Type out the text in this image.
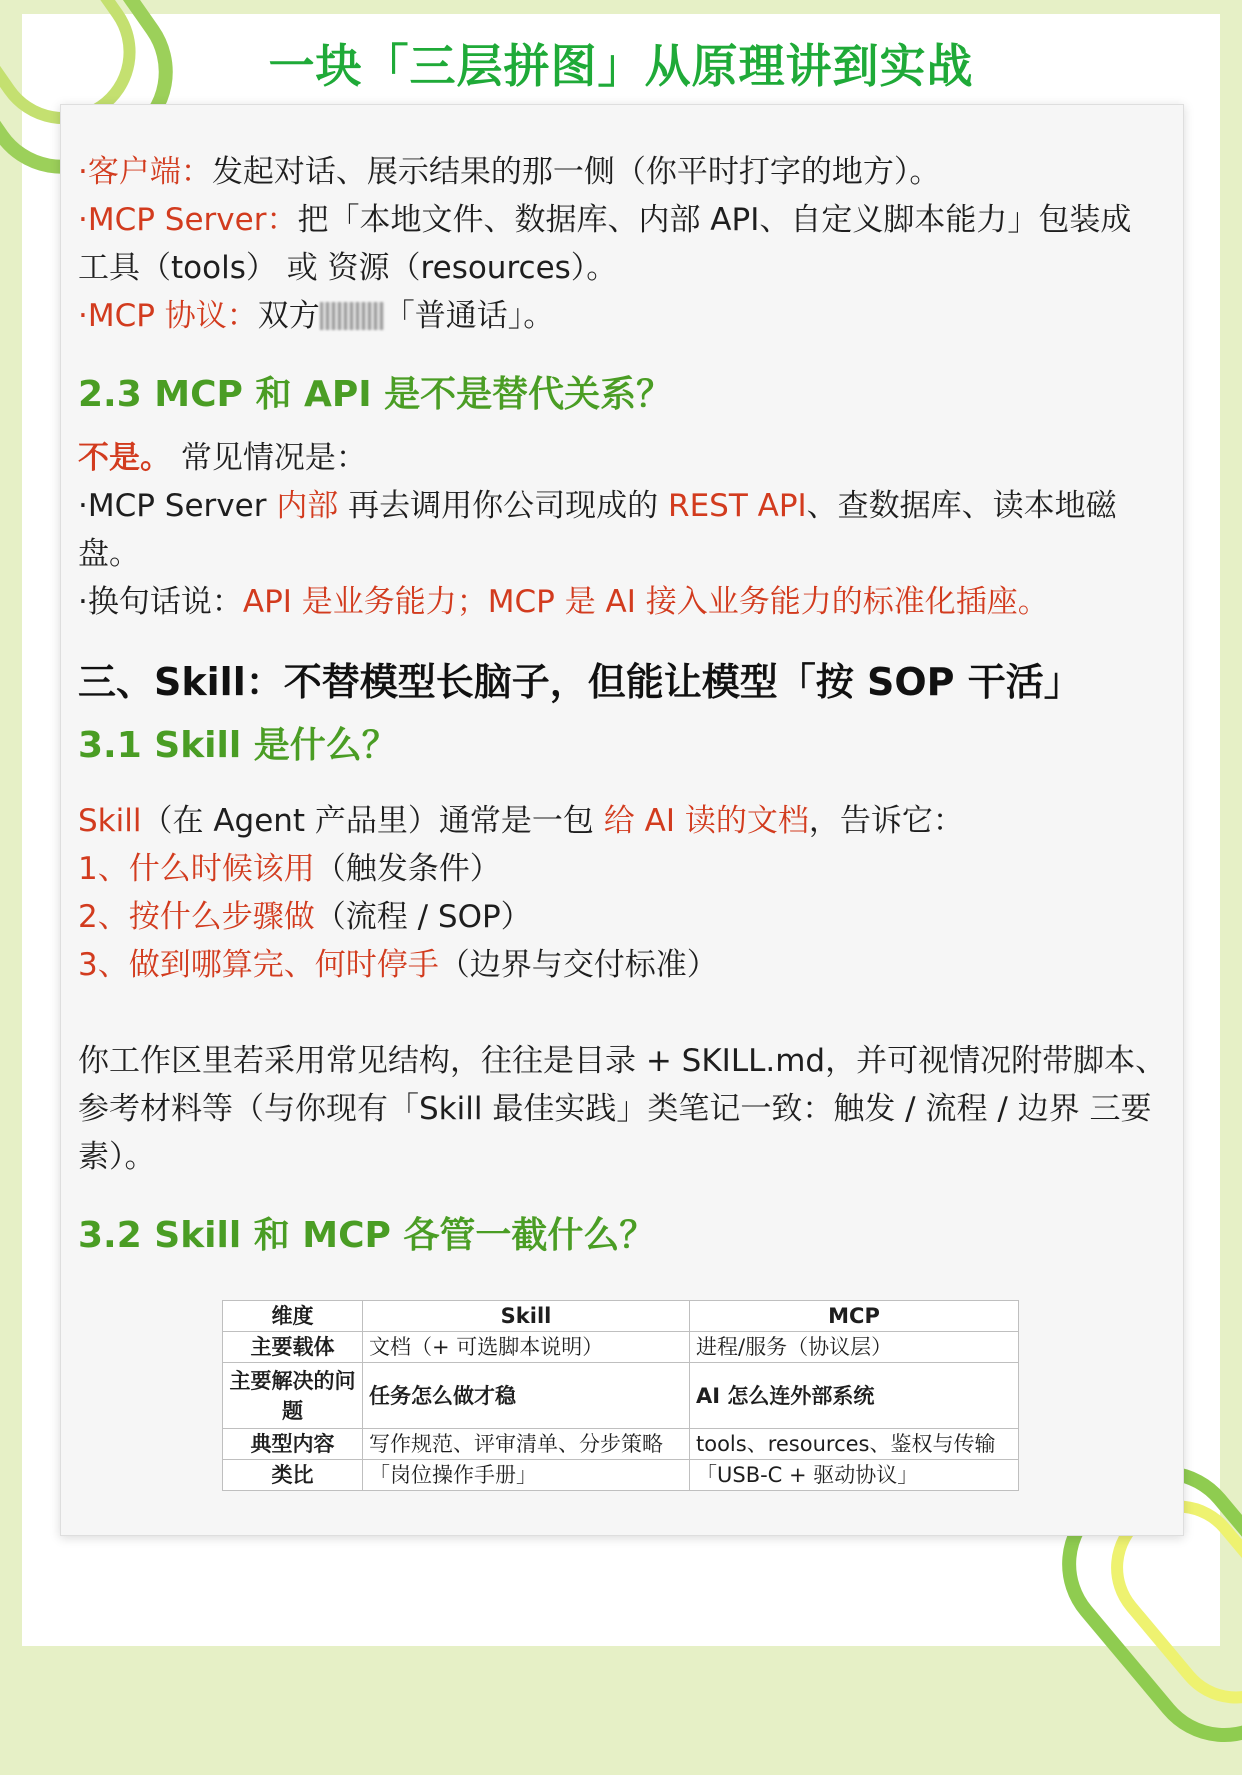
一块「三层拼图」从原理讲到实战

·客户端：发起对话、展示结果的那一侧（你平时打字的地方）。

·MCP Server：把「本地文件、数据库、内部 API、自定义脚本能力」包装成 工具（tools） 或 资源（resources）。

·MCP 协议：双方 「普通话」。

2.3 MCP 和 API 是不是替代关系？

不是。 常见情况是：

·MCP Server 内部 再去调用你公司现成的 REST API、查数据库、读本地磁盘。

·换句话说：API 是业务能力；MCP 是 AI 接入业务能力的标准化插座。

三、Skill：不替模型长脑子，但能让模型「按 SOP 干活」

3.1 Skill 是什么？

Skill（在 Agent 产品里）通常是一包 给 AI 读的文档，告诉它：

1、什么时候该用（触发条件）

2、按什么步骤做（流程 / SOP）

3、做到哪算完、何时停手（边界与交付标准）

你工作区里若采用常见结构，往往是目录 + SKILL.md，并可视情况附带脚本、参考材料等（与你现有「Skill 最佳实践」类笔记一致：触发 / 流程 / 边界 三要素）。

3.2 Skill 和 MCP 各管一截什么？

维度	Skill	MCP
主要载体	文档（+ 可选脚本说明）	进程/服务（协议层）
主要解决的问题	任务怎么做才稳	AI 怎么连外部系统
典型内容	写作规范、评审清单、分步策略	tools、resources、鉴权与传输
类比	「岗位操作手册」	「USB-C + 驱动协议」
